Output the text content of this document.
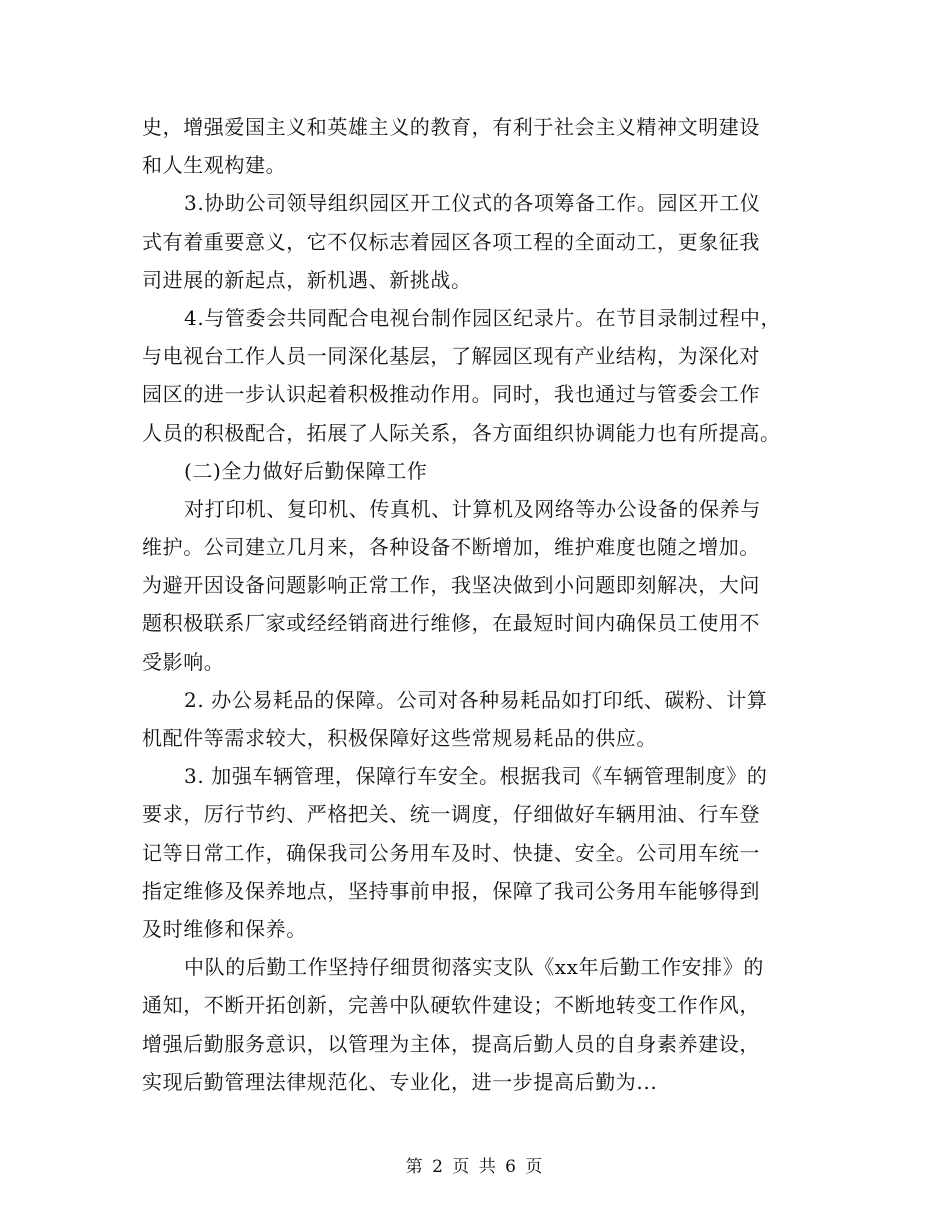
史，增强爱国主义和英雄主义的教育，有利于社会主义精神文明建设
和人生观构建。
3.协助公司领导组织园区开工仪式的各项筹备工作。园区开工仪
式有着重要意义，它不仅标志着园区各项工程的全面动工，更象征我
司进展的新起点，新机遇、新挑战。
4.与管委会共同配合电视台制作园区纪录片。在节目录制过程中，
与电视台工作人员一同深化基层，了解园区现有产业结构，为深化对
园区的进一步认识起着积极推动作用。同时，我也通过与管委会工作
人员的积极配合，拓展了人际关系，各方面组织协调能力也有所提高。
(二)全力做好后勤保障工作
对打印机、复印机、传真机、计算机及网络等办公设备的保养与
维护。公司建立几月来，各种设备不断增加，维护难度也随之增加。
为避开因设备问题影响正常工作，我坚决做到小问题即刻解决，大问
题积极联系厂家或经经销商进行维修，在最短时间内确保员工使用不
受影响。
2. 办公易耗品的保障。公司对各种易耗品如打印纸、碳粉、计算
机配件等需求较大，积极保障好这些常规易耗品的供应。
3. 加强车辆管理，保障行车安全。根据我司《车辆管理制度》的
要求，厉行节约、严格把关、统一调度，仔细做好车辆用油、行车登
记等日常工作，确保我司公务用车及时、快捷、安全。公司用车统一
指定维修及保养地点，坚持事前申报，保障了我司公务用车能够得到
及时维修和保养。
中队的后勤工作坚持仔细贯彻落实支队《xx年后勤工作安排》的
通知，不断开拓创新，完善中队硬软件建设；不断地转变工作作风，
增强后勤服务意识，以管理为主体，提高后勤人员的自身素养建设，
实现后勤管理法律规范化、专业化，进一步提高后勤为...
第 2 页 共 6 页
